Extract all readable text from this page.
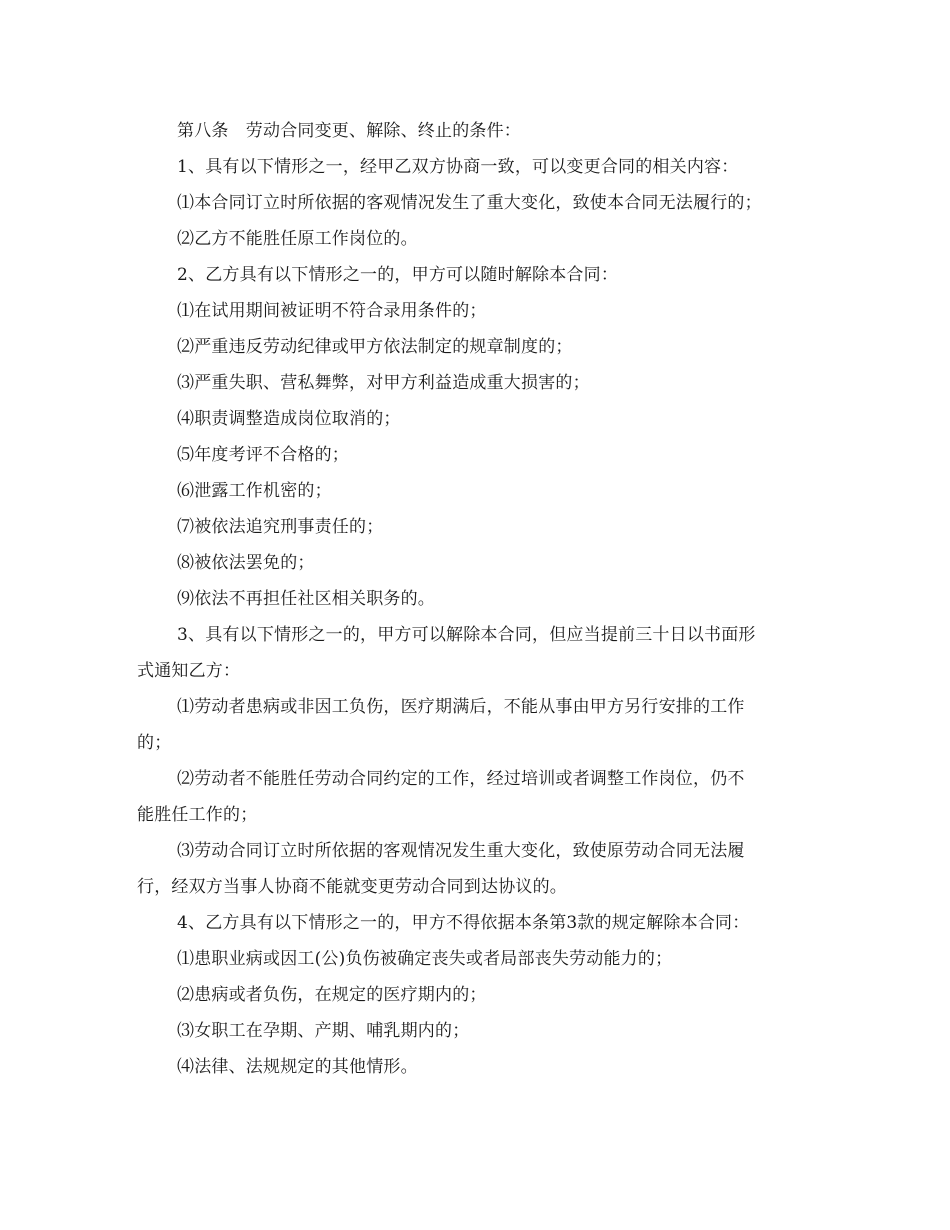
第八条　劳动合同变更、解除、终止的条件：
1、具有以下情形之一，经甲乙双方协商一致，可以变更合同的相关内容：
⑴本合同订立时所依据的客观情况发生了重大变化，致使本合同无法履行的；
⑵乙方不能胜任原工作岗位的。
2、乙方具有以下情形之一的，甲方可以随时解除本合同：
⑴在试用期间被证明不符合录用条件的；
⑵严重违反劳动纪律或甲方依法制定的规章制度的；
⑶严重失职、营私舞弊，对甲方利益造成重大损害的；
⑷职责调整造成岗位取消的；
⑸年度考评不合格的；
⑹泄露工作机密的；
⑺被依法追究刑事责任的；
⑻被依法罢免的；
⑼依法不再担任社区相关职务的。
3、具有以下情形之一的，甲方可以解除本合同，但应当提前三十日以书面形
式通知乙方：
⑴劳动者患病或非因工负伤，医疗期满后，不能从事由甲方另行安排的工作
的；
⑵劳动者不能胜任劳动合同约定的工作，经过培训或者调整工作岗位，仍不
能胜任工作的；
⑶劳动合同订立时所依据的客观情况发生重大变化，致使原劳动合同无法履
行，经双方当事人协商不能就变更劳动合同到达协议的。
4、乙方具有以下情形之一的，甲方不得依据本条第3款的规定解除本合同：
⑴患职业病或因工(公)负伤被确定丧失或者局部丧失劳动能力的；
⑵患病或者负伤，在规定的医疗期内的；
⑶女职工在孕期、产期、哺乳期内的；
⑷法律、法规规定的其他情形。
